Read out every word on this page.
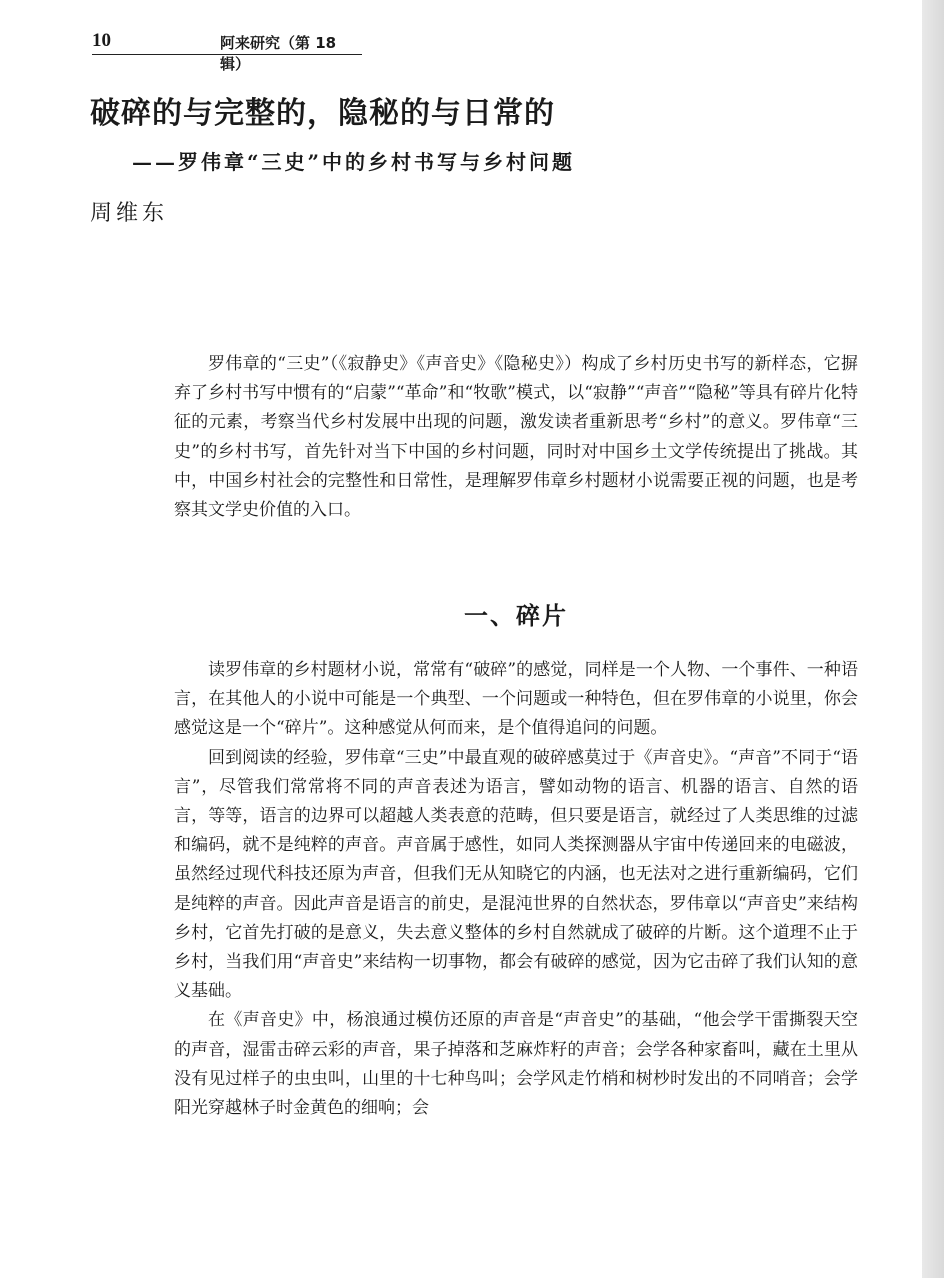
10	阿来研究（第 18 辑）
破碎的与完整的，隐秘的与日常的
——罗伟章“三史”中的乡村书写与乡村问题
周维东

罗伟章的“三史”（《寂静史》《声音史》《隐秘史》）构成了乡村历史书写的新样态，它摒弃了乡村书写中惯有的“启蒙”“革命”和“牧歌”模式，以“寂静”“声音”“隐秘”等具有碎片化特征的元素，考察当代乡村发展中出现的问题，激发读者重新思考“乡村”的意义。罗伟章“三史”的乡村书写，首先针对当下中国的乡村问题，同时对中国乡土文学传统提出了挑战。其中，中国乡村社会的完整性和日常性，是理解罗伟章乡村题材小说需要正视的问题，也是考察其文学史价值的入口。

一、碎片

读罗伟章的乡村题材小说，常常有“破碎”的感觉，同样是一个人物、一个事件、一种语言，在其他人的小说中可能是一个典型、一个问题或一种特色，但在罗伟章的小说里，你会感觉这是一个“碎片”。这种感觉从何而来，是个值得追问的问题。

回到阅读的经验，罗伟章“三史”中最直观的破碎感莫过于《声音史》。“声音”不同于“语言”，尽管我们常常将不同的声音表述为语言，譬如动物的语言、机器的语言、自然的语言，等等，语言的边界可以超越人类表意的范畴，但只要是语言，就经过了人类思维的过滤和编码，就不是纯粹的声音。声音属于感性，如同人类探测器从宇宙中传递回来的电磁波，虽然经过现代科技还原为声音，但我们无从知晓它的内涵，也无法对之进行重新编码，它们是纯粹的声音。因此声音是语言的前史，是混沌世界的自然状态，罗伟章以“声音史”来结构乡村，它首先打破的是意义，失去意义整体的乡村自然就成了破碎的片断。这个道理不止于乡村，当我们用“声音史”来结构一切事物，都会有破碎的感觉，因为它击碎了我们认知的意义基础。

在《声音史》中，杨浪通过模仿还原的声音是“声音史”的基础，“他会学干雷撕裂天空的声音，湿雷击碎云彩的声音，果子掉落和芝麻炸籽的声音；会学各种家畜叫，藏在土里从没有见过样子的虫虫叫，山里的十七种鸟叫；会学风走竹梢和树杪时发出的不同哨音；会学阳光穿越林子时金黄色的细响；会
